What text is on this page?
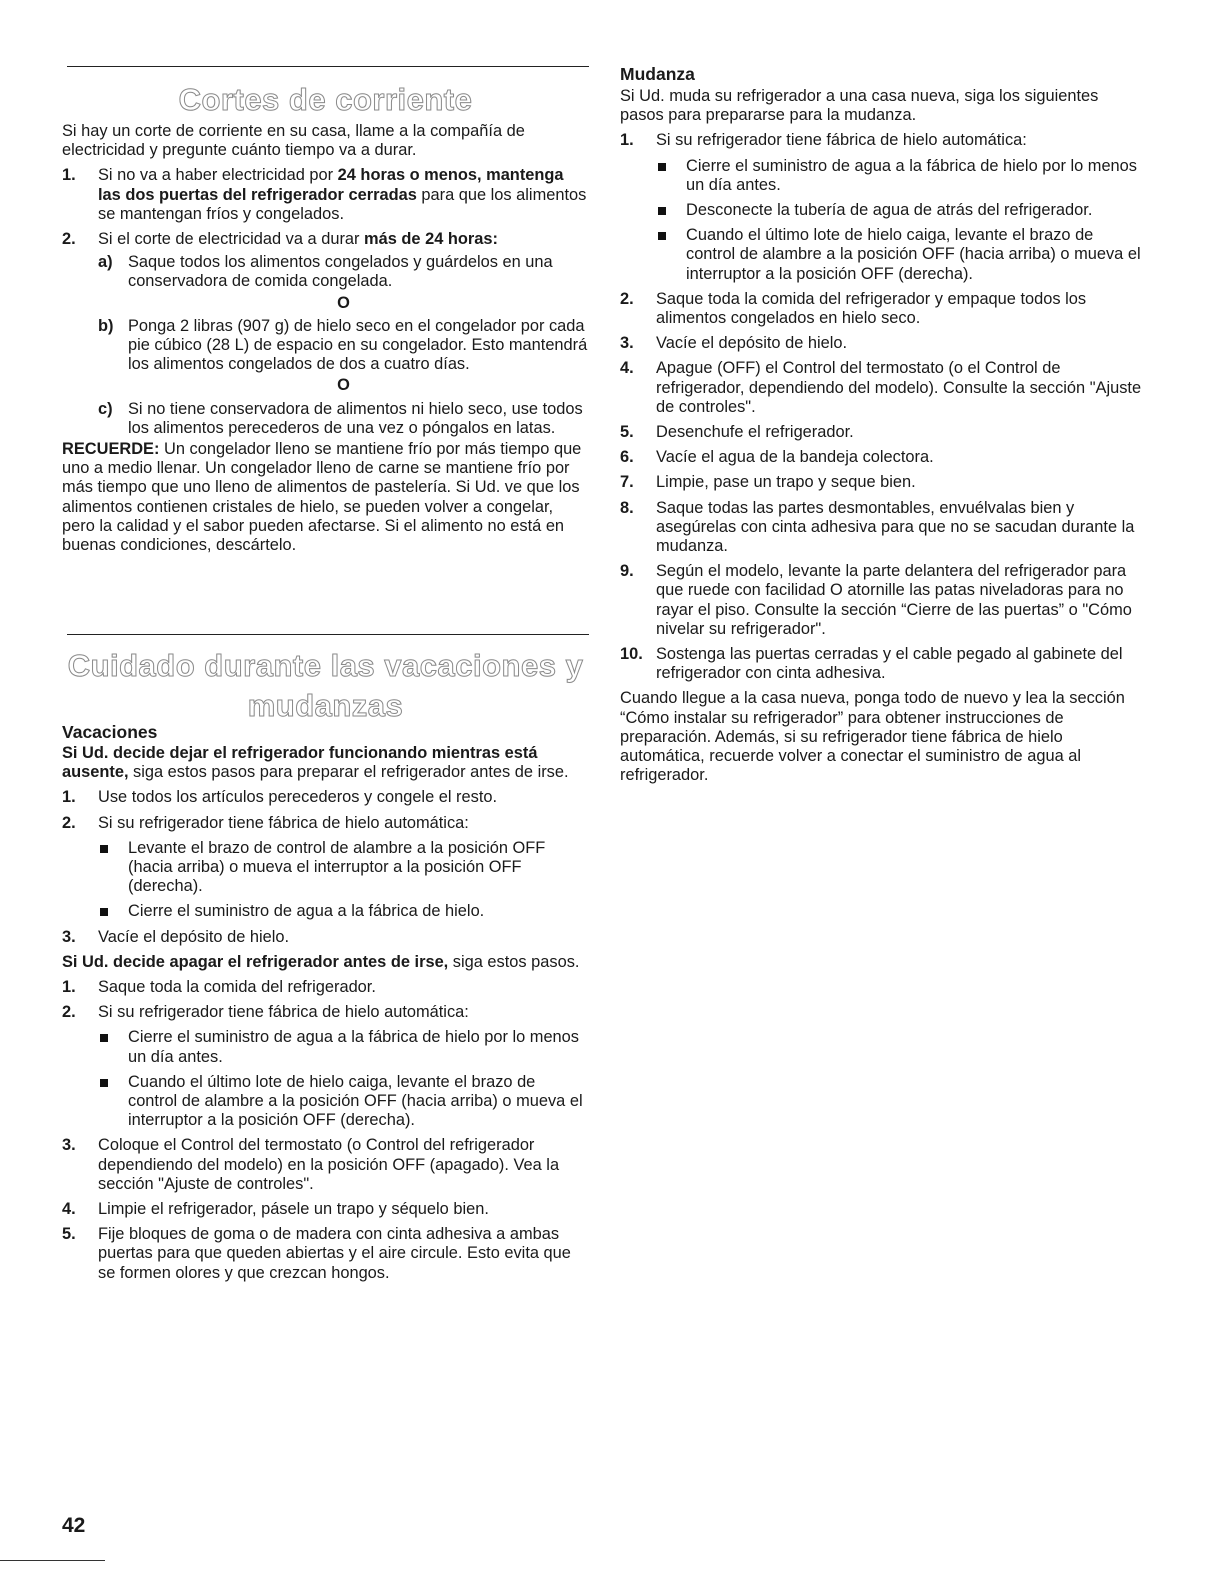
Cortes de corriente

Si hay un corte de corriente en su casa, llame a la compañía de electricidad y pregunte cuánto tiempo va a durar.

1.	Si no va a haber electricidad por 24 horas o menos, mantenga las dos puertas del refrigerador cerradas para que los alimentos se mantengan fríos y congelados.
2.	Si el corte de electricidad va a durar más de 24 horas:
a) Saque todos los alimentos congelados y guárdelos en una conservadora de comida congelada.
O
b) Ponga 2 libras (907 g) de hielo seco en el congelador por cada pie cúbico (28 L) de espacio en su congelador. Esto mantendrá los alimentos congelados de dos a cuatro días.
O
c) Si no tiene conservadora de alimentos ni hielo seco, use todos los alimentos perecederos de una vez o póngalos en latas.

RECUERDE: Un congelador lleno se mantiene frío por más tiempo que uno a medio llenar. Un congelador lleno de carne se mantiene frío por más tiempo que uno lleno de alimentos de pastelería. Si Ud. ve que los alimentos contienen cristales de hielo, se pueden volver a congelar, pero la calidad y el sabor pueden afectarse. Si el alimento no está en buenas condiciones, descártelo.

Cuidado durante las vacaciones y
mudanzas
Vacaciones

Si Ud. decide dejar el refrigerador funcionando mientras está ausente, siga estos pasos para preparar el refrigerador antes de irse.

1.	Use todos los artículos perecederos y congele el resto.
2.	Si su refrigerador tiene fábrica de hielo automática:
Levante el brazo de control de alambre a la posición OFF (hacia arriba) o mueva el interruptor a la posición OFF (derecha).
Cierre el suministro de agua a la fábrica de hielo.
3.	Vacíe el depósito de hielo.

Si Ud. decide apagar el refrigerador antes de irse, siga estos pasos.

1.	Saque toda la comida del refrigerador.
2.	Si su refrigerador tiene fábrica de hielo automática:
Cierre el suministro de agua a la fábrica de hielo por lo menos un día antes.
Cuando el último lote de hielo caiga, levante el brazo de control de alambre a la posición OFF (hacia arriba) o mueva el interruptor a la posición OFF (derecha).
3.	Coloque el Control del termostato (o Control del refrigerador dependiendo del modelo) en la posición OFF (apagado). Vea la sección "Ajuste de controles".
4.	Limpie el refrigerador, pásele un trapo y séquelo bien.
5.	Fije bloques de goma o de madera con cinta adhesiva a ambas puertas para que queden abiertas y el aire circule. Esto evita que se formen olores y que crezcan hongos.
Mudanza

Si Ud. muda su refrigerador a una casa nueva, siga los siguientes pasos para prepararse para la mudanza.

1.	Si su refrigerador tiene fábrica de hielo automática:
Cierre el suministro de agua a la fábrica de hielo por lo menos un día antes.
Desconecte la tubería de agua de atrás del refrigerador.
Cuando el último lote de hielo caiga, levante el brazo de control de alambre a la posición OFF (hacia arriba) o mueva el interruptor a la posición OFF (derecha).
2.	Saque toda la comida del refrigerador y empaque todos los alimentos congelados en hielo seco.
3.	Vacíe el depósito de hielo.
4.	Apague (OFF) el Control del termostato (o el Control de refrigerador, dependiendo del modelo). Consulte la sección "Ajuste de controles".
5.	Desenchufe el refrigerador.
6.	Vacíe el agua de la bandeja colectora.
7.	Limpie, pase un trapo y seque bien.
8.	Saque todas las partes desmontables, envuélvalas bien y asegúrelas con cinta adhesiva para que no se sacudan durante la mudanza.
9.	Según el modelo, levante la parte delantera del refrigerador para que ruede con facilidad O atornille las patas niveladoras para no rayar el piso. Consulte la sección “Cierre de las puertas” o "Cómo nivelar su refrigerador".
10. Sostenga las puertas cerradas y el cable pegado al gabinete del refrigerador con cinta adhesiva.

Cuando llegue a la casa nueva, ponga todo de nuevo y lea la sección “Cómo instalar su refrigerador” para obtener instrucciones de preparación. Además, si su refrigerador tiene fábrica de hielo automática, recuerde volver a conectar el suministro de agua al refrigerador.

42
